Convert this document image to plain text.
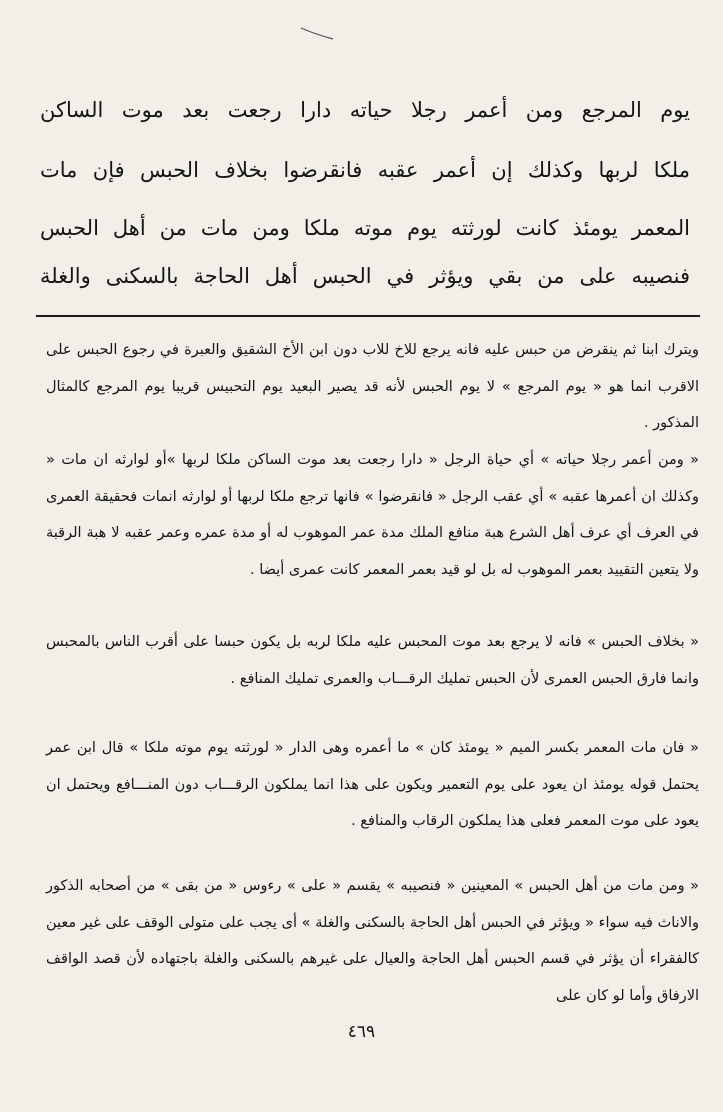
يوم المرجع ومن أعمر رجلا حياته دارا رجعت بعد موت الساكن
ملكا لربها وكذلك إن أعمر عقبه فانقرضوا بخلاف الحبس فإن مات
المعمر يومئذ كانت لورثته يوم موته ملكا ومن مات من أهل الحبس
فنصيبه على من بقي ويؤثر في الحبس أهل الحاجة بالسكنى والغلة

ويترك ابنا ثم ينقرض من حبس عليه فانه يرجع للاخ للاب دون ابن الأخ الشقيق والعبرة في رجوع الحبس على الاقرب انما هو « يوم المرجع » لا يوم الحبس لأنه قد يصير البعيد يوم التحبيس قريبا يوم المرجع كالمثال المذكور .

« ومن أعمر رجلا حياته » أي حياة الرجل « دارا رجعت بعد موت الساكن ملكا لربها »أو لوارثه ان مات « وكذلك ان أعمرها عقبه » أي عقب الرجل « فانقرضوا » فانها ترجع ملكا لربها أو لوارثه انمات فحقيقة العمرى في العرف أي عرف أهل الشرع هبة منافع الملك مدة عمر الموهوب له أو مدة عمره وعمر عقبه لا هبة الرقبة ولا يتعين التقييد بعمر الموهوب له بل لو قيد بعمر المعمر كانت عمرى أيضا .

« بخلاف الحبس » فانه لا يرجع بعد موت المحبس عليه ملكا لربه بل يكون حبسا على أقرب الناس بالمحبس وانما فارق الحبس العمرى لأن الحبس تمليك الرقـــاب والعمرى تمليك المنافع .

« فان مات المعمر بكسر الميم « يومئذ كان » ما أعمره وهى الدار « لورثته يوم موته ملكا » قال ابن عمر يحتمل قوله يومئذ ان يعود على يوم التعمير ويكون على هذا انما يملكون الرقـــاب دون المنـــافع ويحتمل ان يعود على موت المعمر فعلى هذا يملكون الرقاب والمنافع .

« ومن مات من أهل الحبس » المعينين « فنصيبه » يقسم « على » رءوس « من بقى » من أصحابه الذكور والاناث فيه سواء « ويؤثر في الحبس أهل الحاجة بالسكنى والغلة » أى يجب على متولى الوقف على غير معين كالفقراء أن يؤثر في قسم الحبس أهل الحاجة والعيال على غيرهم بالسكنى والغلة باجتهاده لأن قصد الواقف الارفاق وأما لو كان على

٤٦٩
